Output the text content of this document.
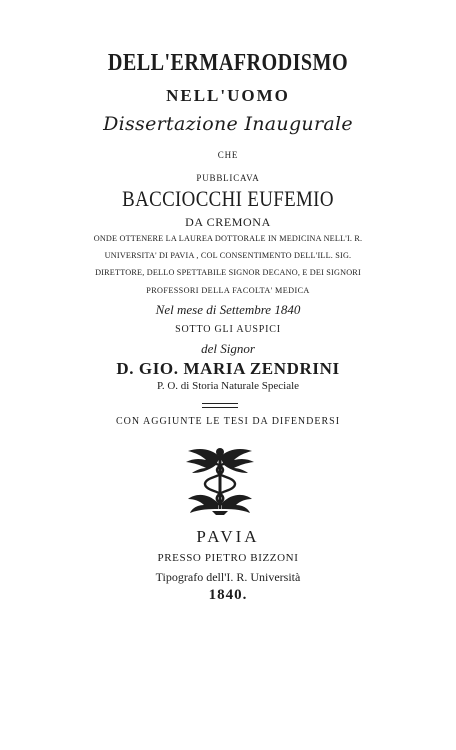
DELL'ERMAFRODISMO
NELL'UOMO
Dissertazione Inaugurale
CHE
PUBBLICAVA
BACCIOCCHI EUFEMIO
DA CREMONA
ONDE OTTENERE LA LAUREA DOTTORALE IN MEDICINA NELL'I. R.
UNIVERSITA' DI PAVIA , COL CONSENTIMENTO DELL'ILL. SIG.
DIRETTORE, DELLO SPETTABILE SIGNOR DECANO, E DEI SIGNORI
PROFESSORI DELLA FACOLTA' MEDICA
Nel mese di Settembre 1840
SOTTO GLI AUSPICI
del Signor
D. GIO. MARIA ZENDRINI
P. O. di Storia Naturale Speciale
CON AGGIUNTE LE TESI DA DIFENDERSI
PAVIA
PRESSO PIETRO BIZZONI
Tipografo dell'I. R. Università
1840.
